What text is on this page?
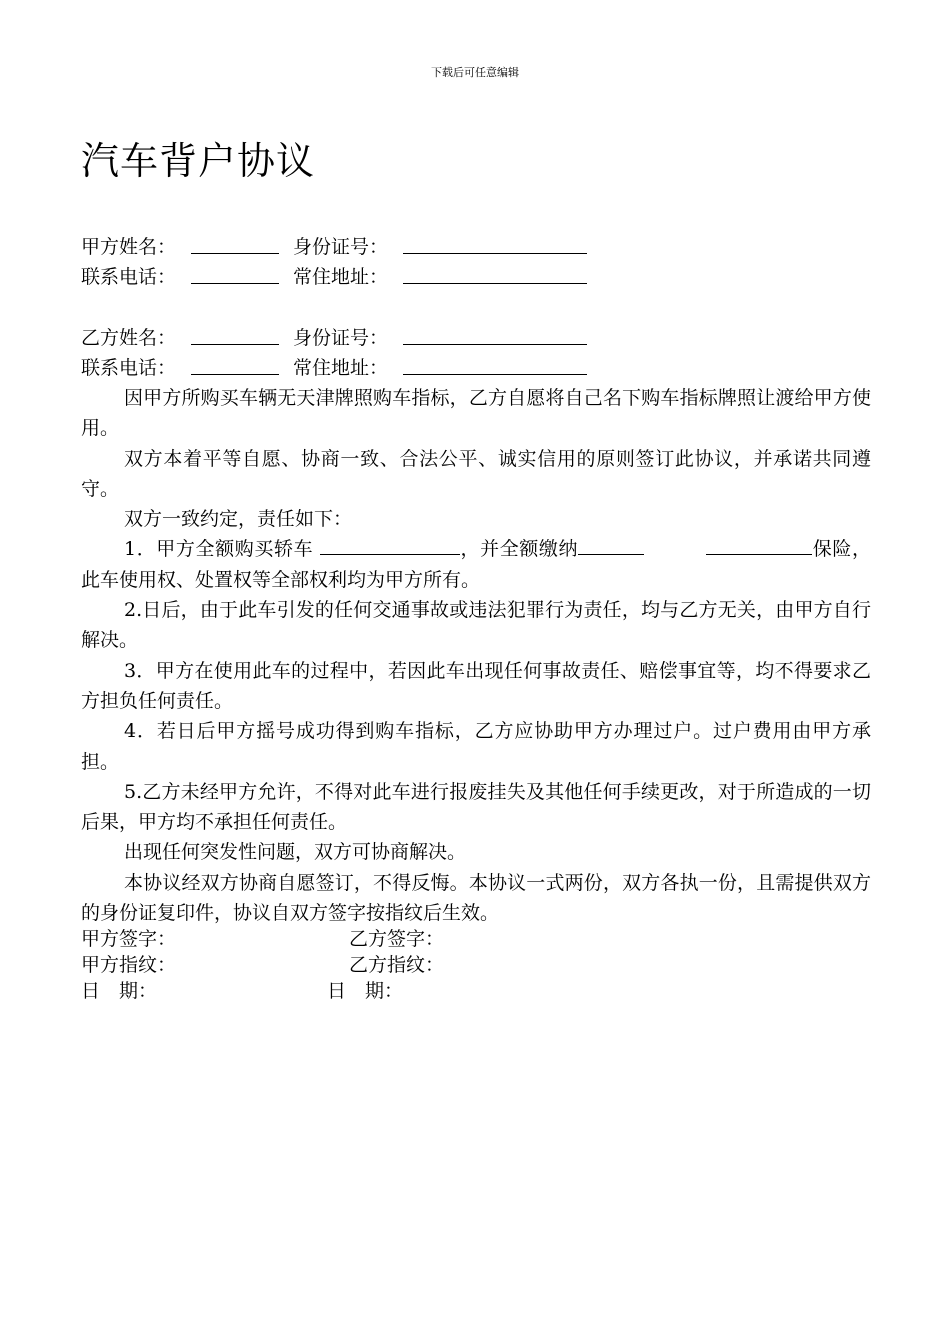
下载后可任意编辑
汽车背户协议
甲方姓名：	身份证号：
联系电话：	常住地址：
乙方姓名：	身份证号：
联系电话：	常住地址：

因甲方所购买车辆无天津牌照购车指标，乙方自愿将自己名下购车指标牌照让渡给甲方使用。

双方本着平等自愿、协商一致、合法公平、诚实信用的原则签订此协议，并承诺共同遵守。

双方一致约定，责任如下：

1．甲方全额购买轿车	，并全额缴纳	保险，此车使用权、处置权等全部权利均为甲方所有。

2.日后，由于此车引发的任何交通事故或违法犯罪行为责任，均与乙方无关，由甲方自行解决。

3．甲方在使用此车的过程中，若因此车出现任何事故责任、赔偿事宜等，均不得要求乙方担负任何责任。

4．若日后甲方摇号成功得到购车指标，乙方应协助甲方办理过户。过户费用由甲方承担。

5.乙方未经甲方允许，不得对此车进行报废挂失及其他任何手续更改，对于所造成的一切后果，甲方均不承担任何责任。

出现任何突发性问题，双方可协商解决。

本协议经双方协商自愿签订，不得反悔。本协议一式两份，双方各执一份，且需提供双方的身份证复印件，协议自双方签字按指纹后生效。

甲方签字：	乙方签字：
甲方指纹：	乙方指纹：
日　期：	日　期：
